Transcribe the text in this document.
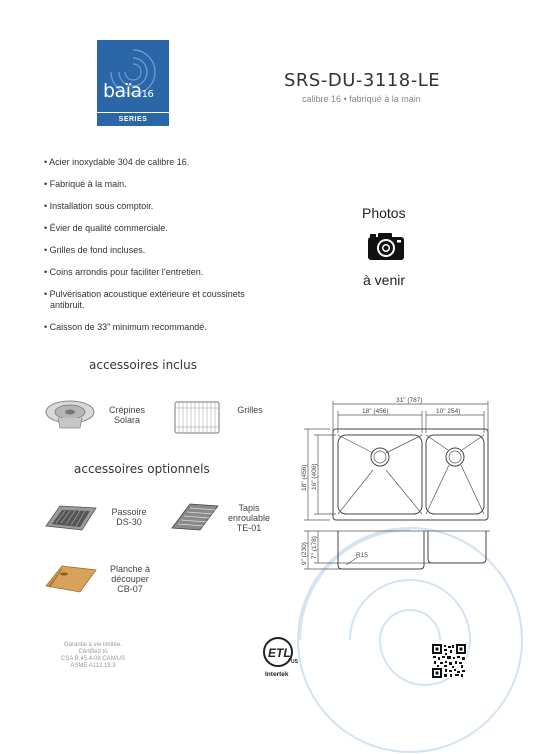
baïa16
SERIES
SRS-DU-3118-LE
calibre 16 • fabriqué à la main
• Acier inoxydable 304 de calibre 16.
• Fabriqué à la main.
• Installation sous comptoir.
• Évier de qualité commerciale.
• Grilles de fond incluses.
• Coins arrondis pour faciliter l’entretien.
• Pulvérisation acoustique extérieure et coussinets antibruit.
• Caisson de 33” minimum recommandé.
Photos
à venir
accessoires inclus
Crépines
Solara
Grilles
accessoires optionnels
Passoire
DS-30
Tapis
enroulable
TE-01
Planche à
découper
CB-07
31" (787)
18" (456)	10" 254)
18" (456) 16" (406)
9" (230) 7" (178)	R15
Garantie à vie limitée.
Certified to
CSA B.45.4-08 CAN/US
ASME A112.19.3
ETL
US
Intertek
